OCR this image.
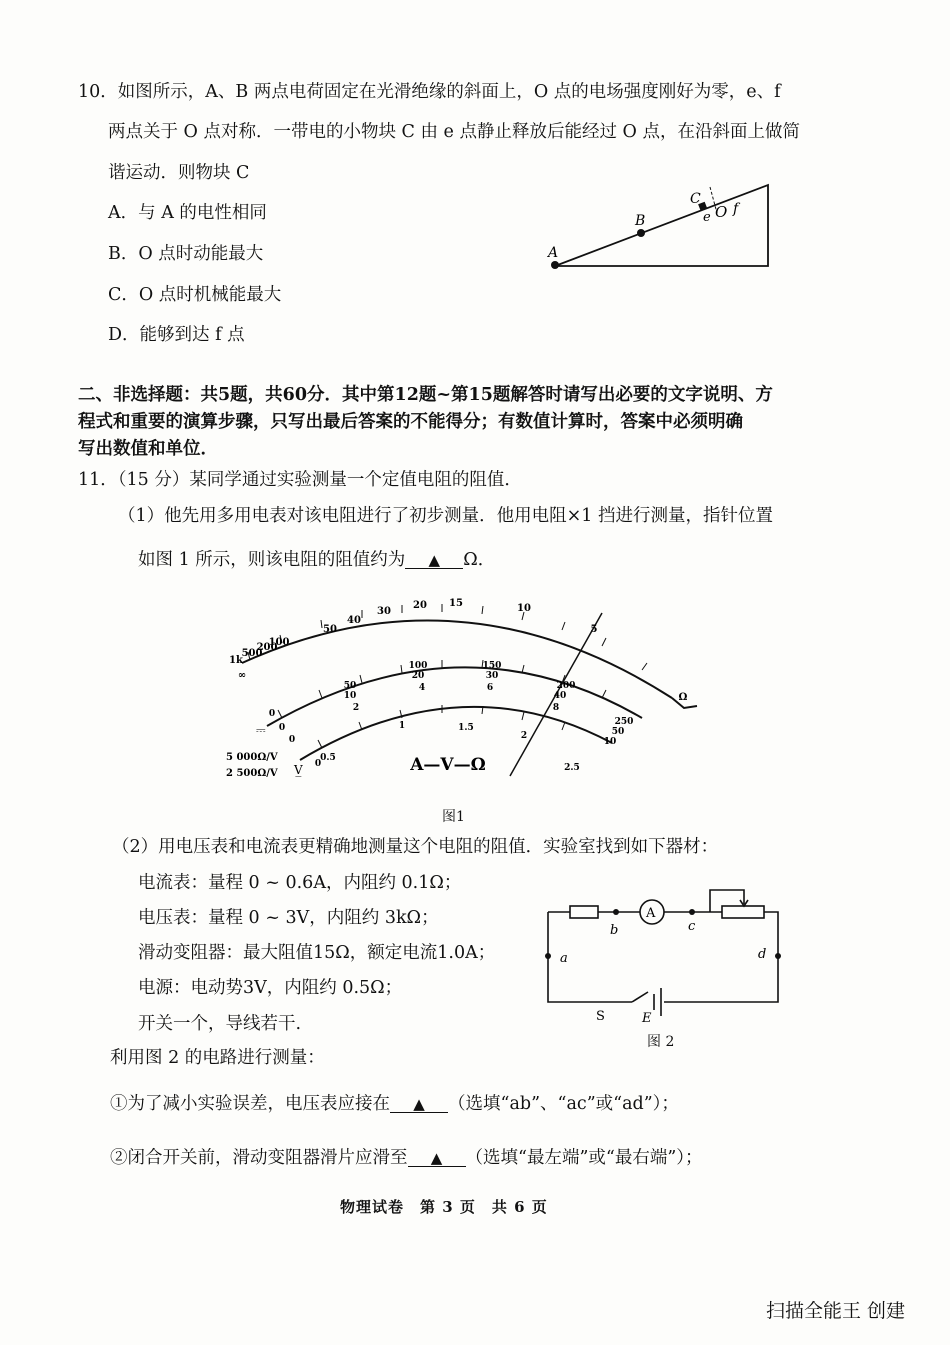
10．如图所示，A、B 两点电荷固定在光滑绝缘的斜面上，O 点的电场强度刚好为零，e、f
两点关于 O 点对称．一带电的小物块 C 由 e 点静止释放后能经过 O 点，在沿斜面上做简
谐运动．则物块 C
A．与 A 的电性相同
B．O 点时动能最大
C．O 点时机械能最大
D．能够到达 f 点
A
B
C
e O f
二、非选择题：共5题，共60分．其中第12题~第15题解答时请写出必要的文字说明、方
程式和重要的演算步骤，只写出最后答案的不能得分；有数值计算时，答案中必须明确
写出数值和单位．
11．（15 分）某同学通过实验测量一个定值电阻的阻值．
（1）他先用多用电表对该电阻进行了初步测量．他用电阻×1 挡进行测量，指针位置
如图 1 所示，则该电阻的阻值约为 ▲ Ω．
∞
1k
500
200
100
50
40
30
20 15	10
5
Ω
0
50
100	150
200
250
0
10
20	30
40
50
0
2
4	6
8
10
0
0.5
1	1.5
2
2.5
A—V—Ω
5 000Ω/V
2 500Ω/V
⎓
V̲
图1
（2）用电压表和电流表更精确地测量这个电阻的阻值．实验室找到如下器材：
电流表：量程 0 ~ 0.6A，内阻约 0.1Ω；
电压表：量程 0 ~ 3V，内阻约 3kΩ；
滑动变阻器：最大阻值15Ω，额定电流1.0A；
电源：电动势3V，内阻约 0.5Ω；
开关一个，导线若干.
利用图 2 的电路进行测量：
a
b	c
d
E
S
A
图 2
①为了减小实验误差，电压表应接在 ▲ （选填“ab”、“ac”或“ad”）；
②闭合开关前，滑动变阻器滑片应滑至 ▲ （选填“最左端”或“最右端”）；
物理试卷　第 3 页　共 6 页
扫描全能王 创建
